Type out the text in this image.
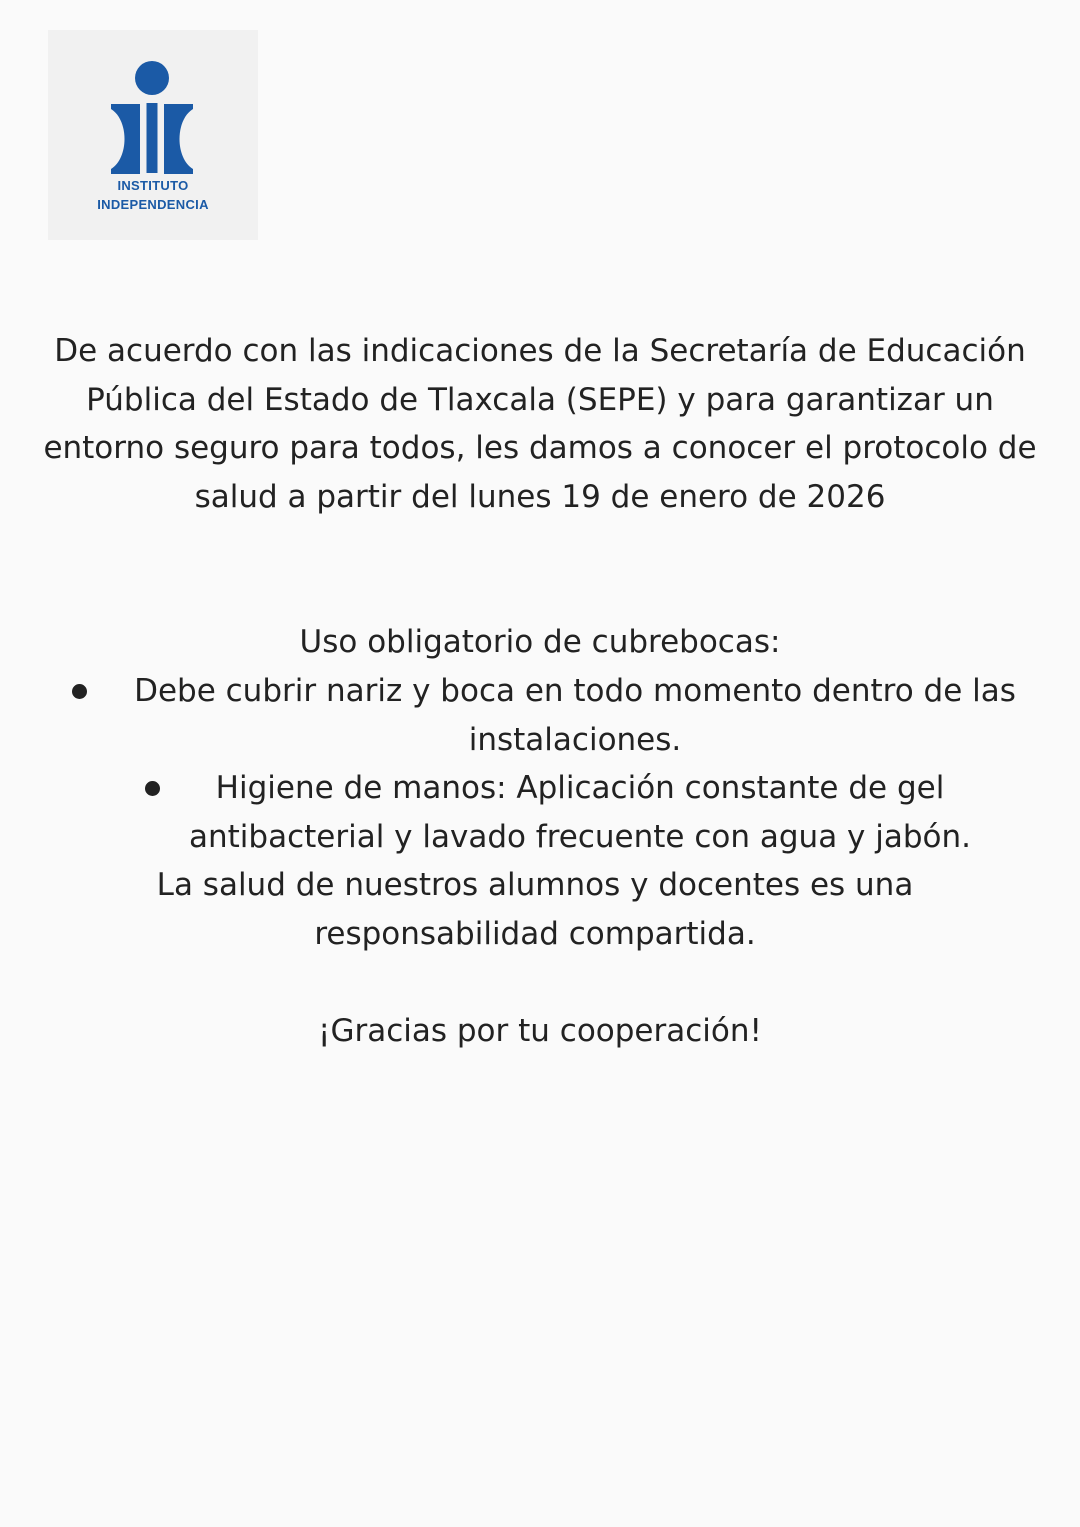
INSTITUTO
INDEPENDENCIA

De acuerdo con las indicaciones de la Secretaría de Educación Pública del Estado de Tlaxcala (SEPE) y para garantizar un entorno seguro para todos, les damos a conocer el protocolo de salud a partir del lunes 19 de enero de 2026

Uso obligatorio de cubrebocas:

Debe cubrir nariz y boca en todo momento dentro de las instalaciones.

Higiene de manos: Aplicación constante de gel antibacterial y lavado frecuente con agua y jabón.

La salud de nuestros alumnos y docentes es una responsabilidad compartida.

¡Gracias por tu cooperación!
